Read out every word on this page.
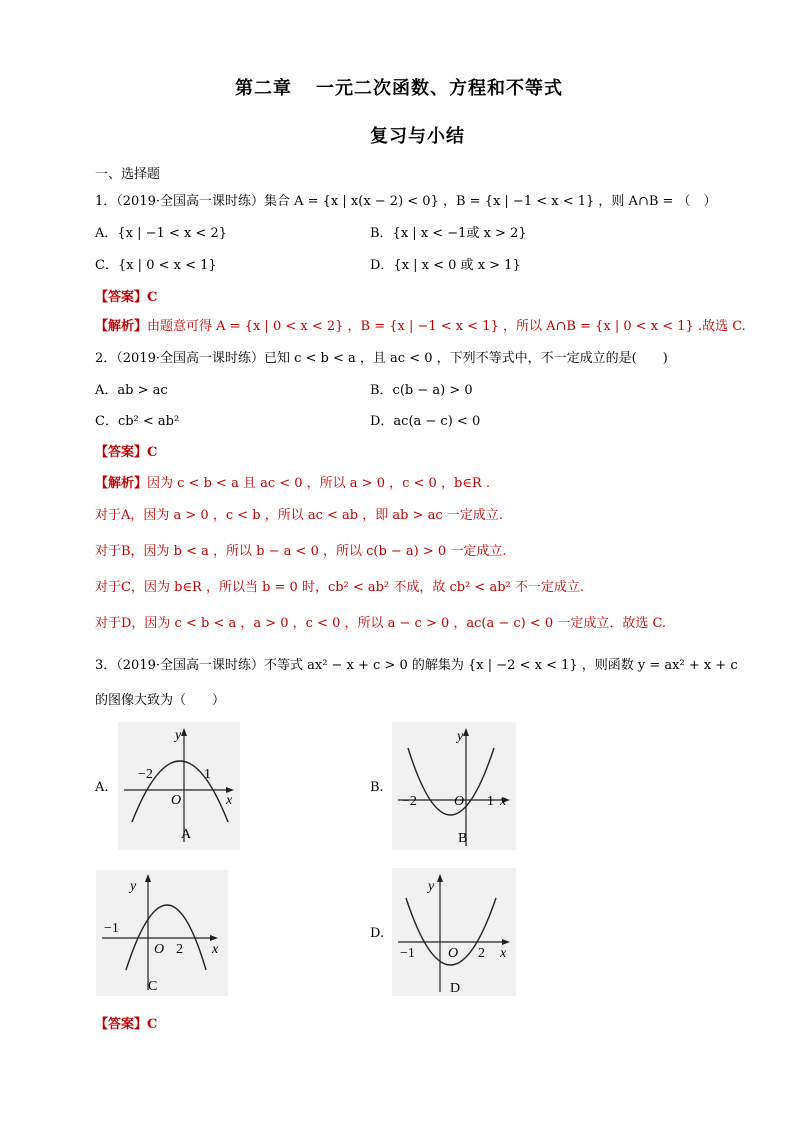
第二章 一元二次函数、方程和不等式
复习与小结
一、选择题
1．（2019·全国高一课时练）集合 A = {x | x(x − 2) < 0} ，B = {x | −1 < x < 1} ，则 A∩B = （　）
A．{x | −1 < x < 2}	B．{x | x < −1或 x > 2}
C．{x | 0 < x < 1}	D．{x | x < 0 或 x > 1}
【答案】C
【解析】由题意可得 A = {x | 0 < x < 2} ，B = {x | −1 < x < 1} ，所以 A∩B = {x | 0 < x < 1} .故选 C.
2．（2019·全国高一课时练）已知 c < b < a ，且 ac < 0 ，下列不等式中，不一定成立的是(　　)
A．ab > ac	B．c(b − a) > 0
C．cb² < ab²	D．ac(a − c) < 0
【答案】C
【解析】因为 c < b < a 且 ac < 0 ，所以 a > 0 ，c < 0 ，b∈R .
对于A，因为 a > 0 ，c < b ，所以 ac < ab ，即 ab > ac 一定成立.
对于B，因为 b < a ，所以 b − a < 0 ，所以 c(b − a) > 0 一定成立.
对于C，因为 b∈R ，所以当 b = 0 时，cb² < ab² 不成，故 cb² < ab² 不一定成立.
对于D，因为 c < b < a ，a > 0 ，c < 0 ，所以 a − c > 0 ，ac(a − c) < 0 一定成立．故选 C.
3．（2019·全国高一课时练）不等式 ax² − x + c > 0 的解集为 {x | −2 < x < 1} ，则函数 y = ax² + x + c
的图像大致为（　　）
A.
y
x
O
−2	1
A
B.
y
x
O
−2	1
B
y
x
O
−1
2
C
D.
y
x
O
−1	2
D
【答案】C
